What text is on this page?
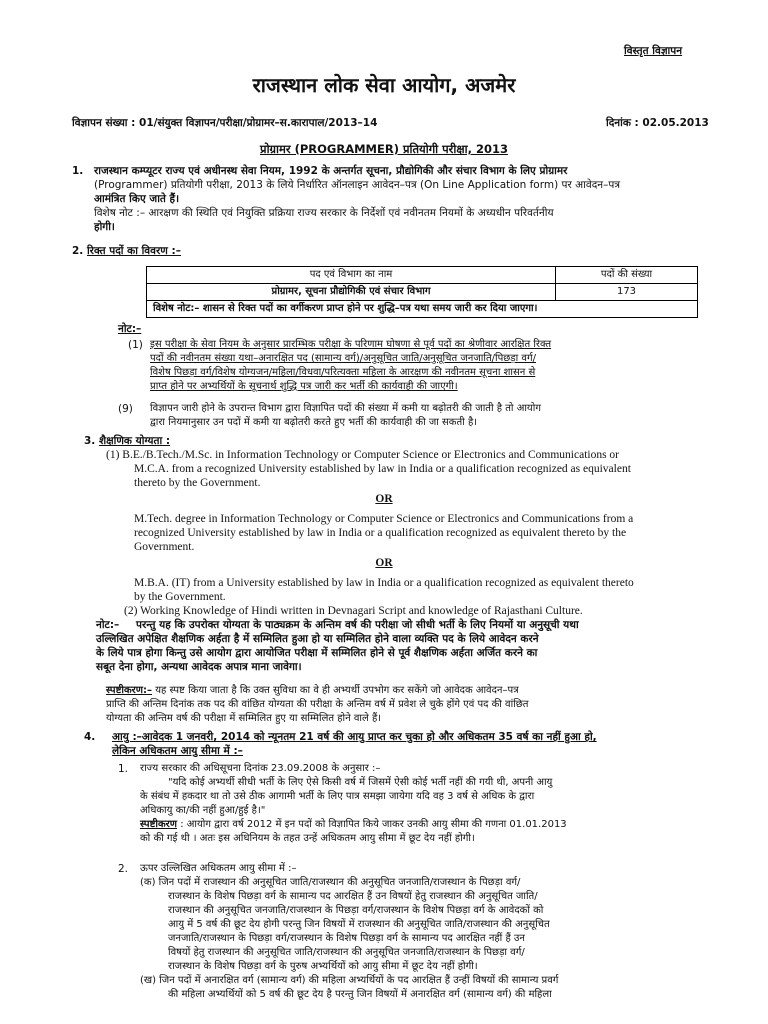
विस्तृत विज्ञापन
राजस्थान लोक सेवा आयोग, अजमेर
विज्ञापन संख्या : 01/संयुक्त विज्ञापन/परीक्षा/प्रोग्रामर–स.कारापाल/2013–14	दिनांक : 02.05.2013
प्रोग्रामर (PROGRAMMER) प्रतियोगी परीक्षा, 2013
1. राजस्थान कम्प्यूटर राज्य एवं अधीनस्थ सेवा नियम, 1992 के अन्तर्गत सूचना, प्रौद्योगिकी और संचार विभाग के लिए प्रोग्रामर

(Programmer) प्रतियोगी परीक्षा, 2013 के लिये निर्धारित ऑनलाइन आवेदन–पत्र (On Line Application form) पर आवेदन–पत्र

आमंत्रित किए जाते हैं।

विशेष नोट :– आरक्षण की स्थिति एवं नियुक्ति प्रक्रिया राज्य सरकार के निर्देशों एवं नवीनतम नियमों के अध्यधीन परिवर्तनीय

होगी।

2. रिक्त पदों का विवरण :–
पद एवं विभाग का नाम	पदों की संख्या
प्रोग्रामर, सूचना प्रौद्योगिकी एवं संचार विभाग	173
विशेष नोट:– शासन से रिक्त पदों का वर्गीकरण प्राप्त होने पर शुद्धि–पत्र यथा समय जारी कर दिया जाएगा।	
नोट:–
(1) इस परीक्षा के सेवा नियम के अनुसार प्रारम्भिक परीक्षा के परिणाम घोषणा से पूर्व पदों का श्रेणीवार आरक्षित रिक्त

पदों की नवीनतम संख्या यथा–अनारक्षित पद (सामान्य वर्ग)/अनुसूचित जाति/अनुसूचित जनजाति/पिछड़ा वर्ग/

विशेष पिछड़ा वर्ग/विशेष योग्यजन/महिला/विधवा/परित्यक्ता महिला के आरक्षण की नवीनतम सूचना शासन से

प्राप्त होने पर अभ्यर्थियों के सूचनार्थ शुद्धि पत्र जारी कर भर्ती की कार्यवाही की जाएगी।

(9) विज्ञापन जारी होने के उपरान्त विभाग द्वारा विज्ञापित पदों की संख्या में कमी या बढ़ोतरी की जाती है तो आयोग

द्वारा नियमानुसार उन पदों में कमी या बढ़ोतरी करते हुए भर्ती की कार्यवाही की जा सकती है।

3. शैक्षणिक योग्यता :

(1) B.E./B.Tech./M.Sc. in Information Technology or Computer Science or Electronics and Communications or

M.C.A. from a recognized University established by law in India or a qualification recognized as equivalent

thereto by the Government.

OR

M.Tech. degree in Information Technology or Computer Science or Electronics and Communications from a

recognized University established by law in India or a qualification recognized as equivalent thereto by the

Government.

OR

M.B.A. (IT) from a University established by law in India or a qualification recognized as equivalent thereto

by the Government.

(2) Working Knowledge of Hindi written in Devnagari Script and knowledge of Rajasthani Culture.
नोट:–	परन्तु यह कि उपरोक्त योग्यता के पाठ्यक्रम के अन्तिम वर्ष की परीक्षा जो सीधी भर्ती के लिए नियमों या अनुसूची यथा

उल्लिखित अपेक्षित शैक्षणिक अर्हता है में सम्मिलित हुआ हो या सम्मिलित होने वाला व्यक्ति पद के लिये आवेदन करने

के लिये पात्र होगा किन्तु उसे आयोग द्वारा आयोजित परीक्षा में सम्मिलित होने से पूर्व शैक्षणिक अर्हता अर्जित करने का

सबूत देना होगा, अन्यथा आवेदक अपात्र माना जावेगा।

स्पष्टीकरण:– यह स्पष्ट किया जाता है कि उक्त सुविधा का वे ही अभ्यर्थी उपभोग कर सकेंगे जो आवेदक आवेदन–पत्र

प्राप्ति की अन्तिम दिनांक तक पद की वांछित योग्यता की परीक्षा के अन्तिम वर्ष में प्रवेश ले चुके होंगे एवं पद की वांछित

योग्यता की अन्तिम वर्ष की परीक्षा में सम्मिलित हुए या सम्मिलित होने वाले हैं।

4. आयु :–आवेदक 1 जनवरी, 2014 को न्यूनतम 21 वर्ष की आयु प्राप्त कर चुका हो और अधिकतम 35 वर्ष का नहीं हुआ हो,

लेकिन अधिकतम आयु सीमा में :–

1. राज्य सरकार की अधिसूचना दिनांक 23.09.2008 के अनुसार :–

"यदि कोई अभ्यर्थी सीधी भर्ती के लिए ऐसे किसी वर्ष में जिसमें ऐसी कोई भर्ती नहीं की गयी थी, अपनी आयु

के संबंध में हकदार था तो उसे ठीक आगामी भर्ती के लिए पात्र समझा जायेगा यदि वह 3 वर्ष से अधिक के द्वारा

अधिकायु का/की नहीं हुआ/हुई है।"

स्पष्टीकरण : आयोग द्वारा वर्ष 2012 में इन पदों को विज्ञापित किये जाकर उनकी आयु सीमा की गणना 01.01.2013

को की गई थी । अतः इस अधिनियम के तहत उन्हें अधिकतम आयु सीमा में छूट देय नहीं होगी।

2. ऊपर उल्लिखित अधिकतम आयु सीमा में :–

(क) जिन पदों में राजस्थान की अनुसूचित जाति/राजस्थान की अनुसूचित जनजाति/राजस्थान के पिछड़ा वर्ग/

राजस्थान के विशेष पिछड़ा वर्ग के सामान्य पद आरक्षित हैं उन विषयों हेतु राजस्थान की अनुसूचित जाति/

राजस्थान की अनुसूचित जनजाति/राजस्थान के पिछड़ा वर्ग/राजस्थान के विशेष पिछड़ा वर्ग के आवेदकों को

आयु में 5 वर्ष की छूट देय होगी परन्तु जिन विषयों में राजस्थान की अनुसूचित जाति/राजस्थान की अनुसूचित

जनजाति/राजस्थान के पिछड़ा वर्ग/राजस्थान के विशेष पिछड़ा वर्ग के सामान्य पद आरक्षित नहीं हैं उन

विषयों हेतु राजस्थान की अनुसूचित जाति/राजस्थान की अनुसूचित जनजाति/राजस्थान के पिछड़ा वर्ग/

राजस्थान के विशेष पिछड़ा वर्ग के पुरुष अभ्यर्थियों को आयु सीमा में छूट देय नहीं होगी।

(ख) जिन पदों में अनारक्षित वर्ग (सामान्य वर्ग) की महिला अभ्यर्थियों के पद आरक्षित हैं उन्हीं विषयों की सामान्य प्रवर्ग

की महिला अभ्यर्थियों को 5 वर्ष की छूट देय है परन्तु जिन विषयों में अनारक्षित वर्ग (सामान्य वर्ग) की महिला
